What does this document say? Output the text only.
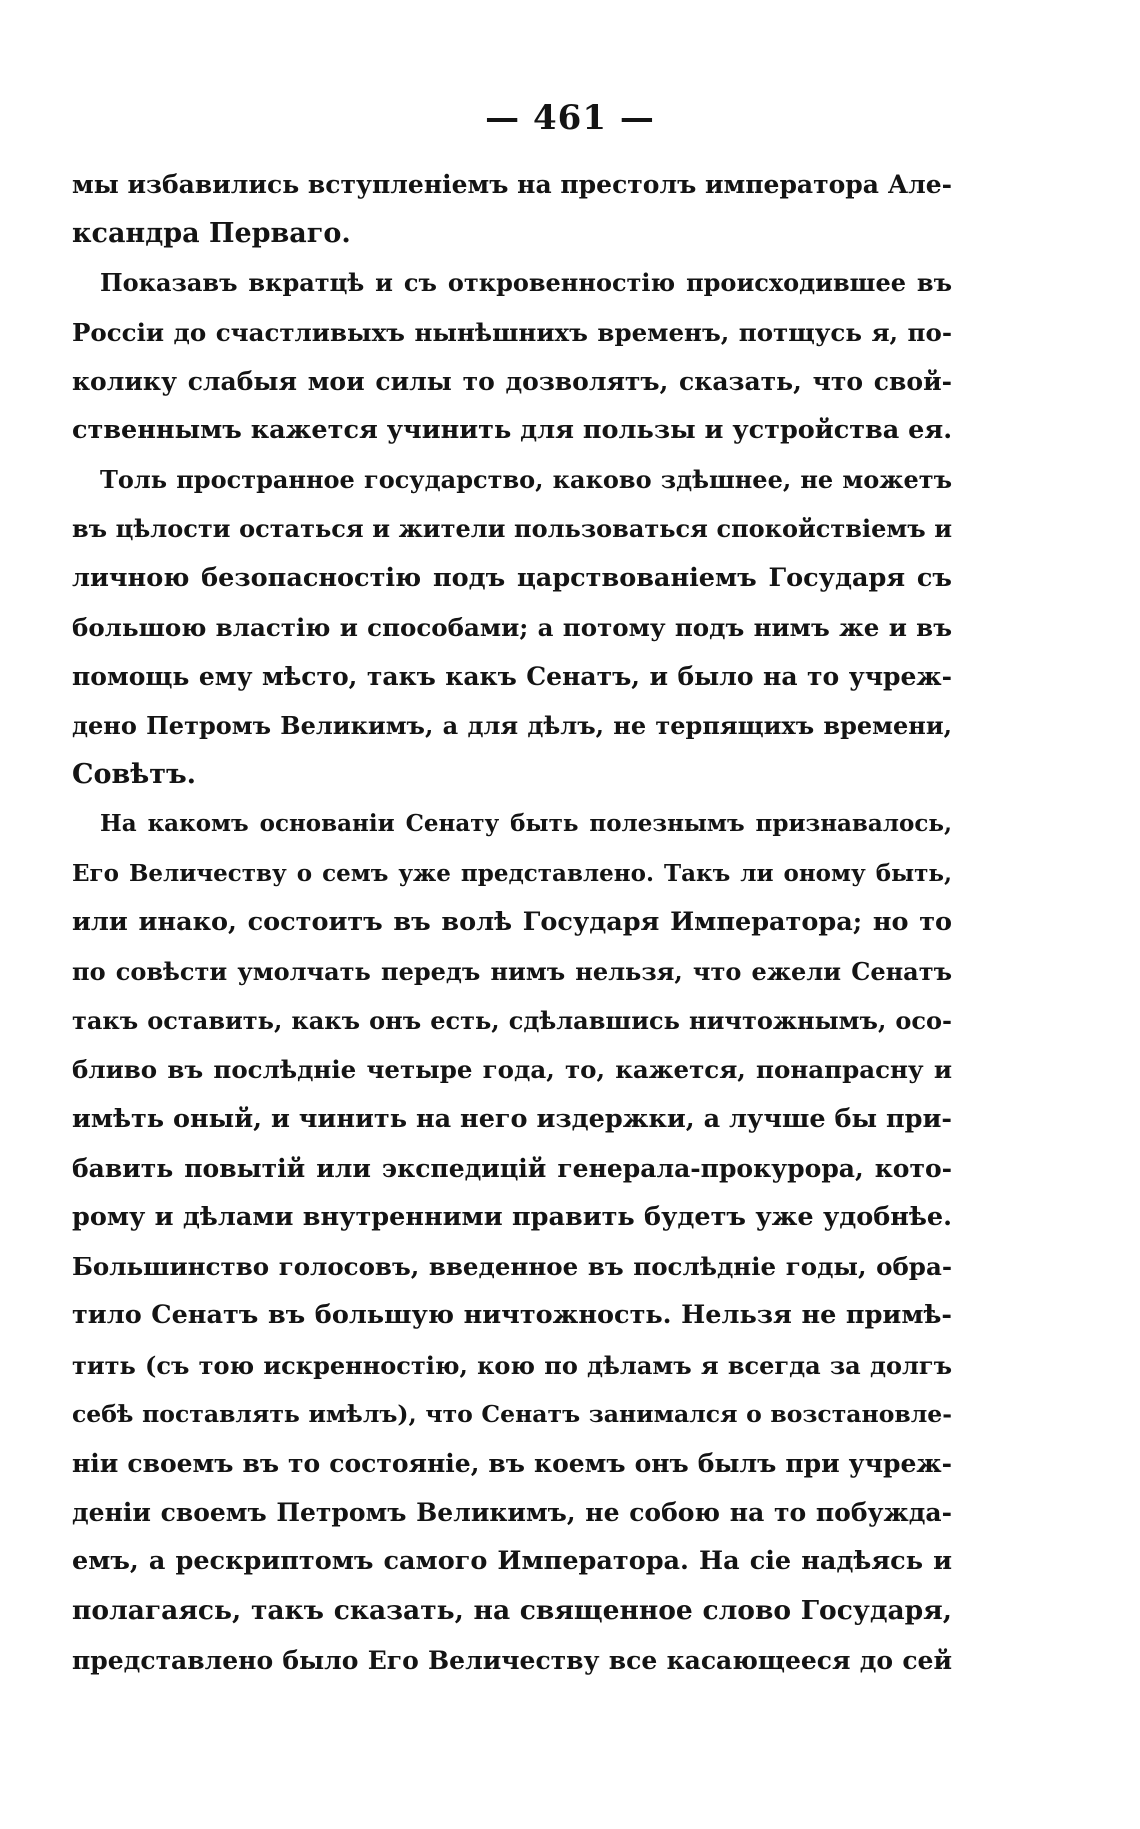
— 461 —
мы избавились вступленіемъ на престолъ императора Але-
ксандра Перваго.
Показавъ вкратцѣ и съ откровенностію происходившее въ
Россіи до счастливыхъ нынѣшнихъ временъ, потщусь я, по-
колику слабыя мои силы то дозволятъ, сказать, что свой-
ственнымъ кажется учинить для пользы и устройства ея.
Толь пространное государство, каково здѣшнее, не можетъ
въ цѣлости остаться и жители пользоваться спокойствіемъ и
личною безопасностію подъ царствованіемъ Государя съ
большою властію и способами; а потому подъ нимъ же и въ
помощь ему мѣсто, такъ какъ Сенатъ, и было на то учреж-
дено Петромъ Великимъ, а для дѣлъ, не терпящихъ времени,
Совѣтъ.
На какомъ основаніи Сенату быть полезнымъ признавалось,
Его Величеству о семъ уже представлено. Такъ ли оному быть,
или инако, состоитъ въ волѣ Государя Императора; но то
по совѣсти умолчать передъ нимъ нельзя, что ежели Сенатъ
такъ оставить, какъ онъ есть, сдѣлавшись ничтожнымъ, осо-
бливо въ послѣдніе четыре года, то, кажется, понапрасну и
имѣть оный, и чинить на него издержки, а лучше бы при-
бавить повытій или экспедицій генерала-прокурора, кото-
рому и дѣлами внутренними править будетъ уже удобнѣе.
Большинство голосовъ, введенное въ послѣдніе годы, обра-
тило Сенатъ въ большую ничтожность. Нельзя не примѣ-
тить (съ тою искренностію, кою по дѣламъ я всегда за долгъ
себѣ поставлять имѣлъ), что Сенатъ занимался о возстановле-
ніи своемъ въ то состояніе, въ коемъ онъ былъ при учреж-
деніи своемъ Петромъ Великимъ, не собою на то побужда-
емъ, а рескриптомъ самого Императора. На сіе надѣясь и
полагаясь, такъ сказать, на священное слово Государя,
представлено было Его Величеству все касающееся до сей
